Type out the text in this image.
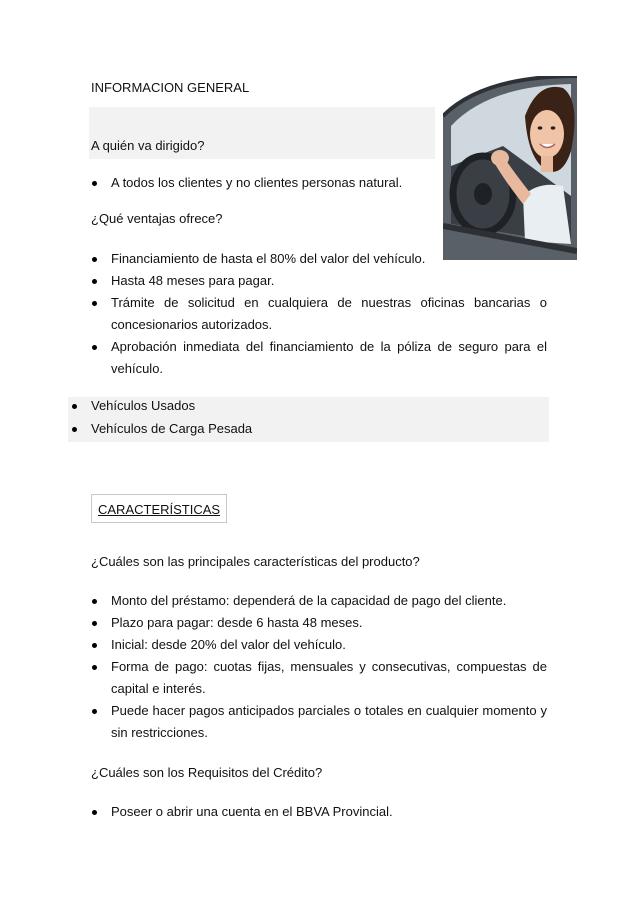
INFORMACION GENERAL
A quién va dirigido?
A todos los clientes y no clientes personas natural.
¿Qué ventajas ofrece?
Financiamiento de hasta el 80% del valor del vehículo.
Hasta 48 meses para pagar.
Trámite de solicitud en cualquiera de nuestras oficinas bancarias o
concesionarios autorizados.
Aprobación inmediata del financiamiento de la póliza de seguro para el
vehículo.
Vehículos Usados
Vehículos de Carga Pesada
CARACTERÍSTICAS
¿Cuáles son las principales características del producto?
Monto del préstamo: dependerá de la capacidad de pago del cliente.
Plazo para pagar: desde 6 hasta 48 meses.
Inicial: desde 20% del valor del vehículo.
Forma de pago: cuotas fijas, mensuales y consecutivas, compuestas de
capital e interés.
Puede hacer pagos anticipados parciales o totales en cualquier momento y
sin restricciones.
¿Cuáles son los Requisitos del Crédito?
Poseer o abrir una cuenta en el BBVA Provincial.
